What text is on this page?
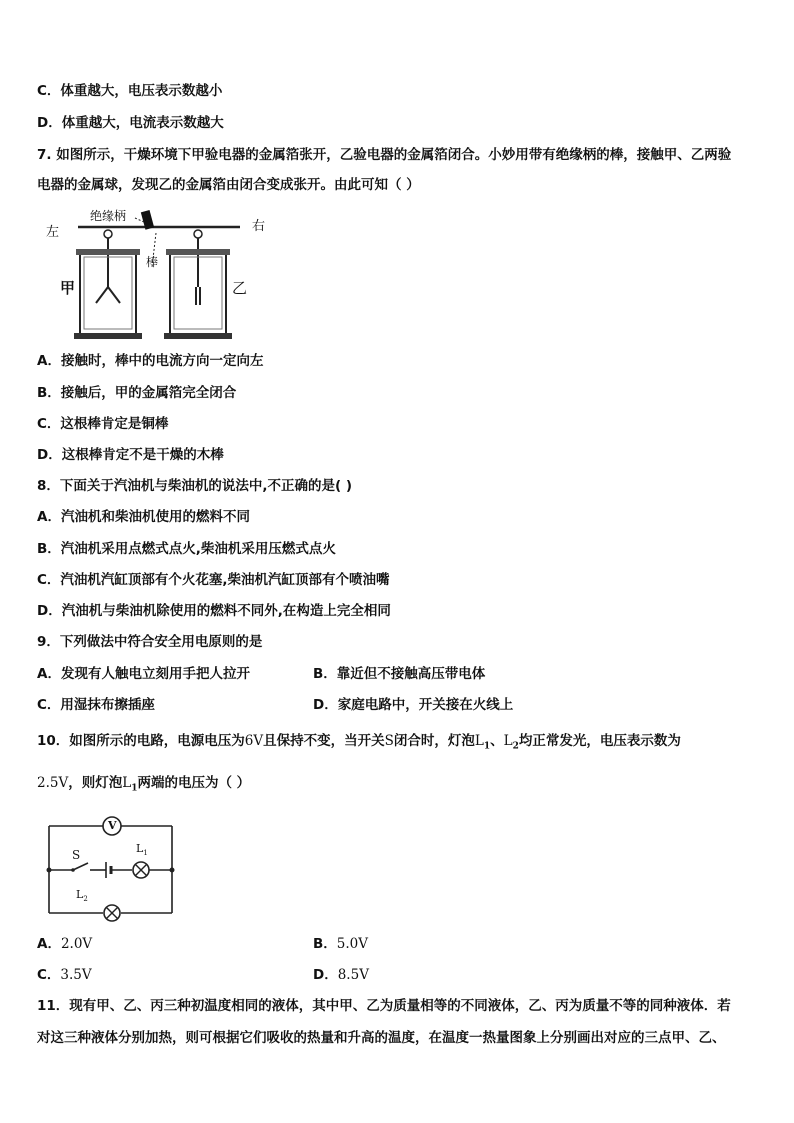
C．体重越大，电压表示数越小
D．体重越大，电流表示数越大
7. 如图所示，干燥环境下甲验电器的金属箔张开，乙验电器的金属箔闭合。小妙用带有绝缘柄的棒，接触甲、乙两验
电器的金属球，发现乙的金属箔由闭合变成张开。由此可知（ ）
左	右
绝缘柄
棒
甲	乙
A．接触时，棒中的电流方向一定向左
B．接触后，甲的金属箔完全闭合
C．这根棒肯定是铜棒
D．这根棒肯定不是干燥的木棒
8．下面关于汽油机与柴油机的说法中,不正确的是( )
A．汽油机和柴油机使用的燃料不同
B．汽油机采用点燃式点火,柴油机采用压燃式点火
C．汽油机汽缸顶部有个火花塞,柴油机汽缸顶部有个喷油嘴
D．汽油机与柴油机除使用的燃料不同外,在构造上完全相同
9．下列做法中符合安全用电原则的是
A．发现有人触电立刻用手把人拉开	B．靠近但不接触高压带电体
C．用湿抹布擦插座	D．家庭电路中，开关接在火线上
10．如图所示的电路，电源电压为6V且保持不变，当开关S闭合时，灯泡$L_1$、$L_2$均正常发光，电压表示数为
2.5V，则灯泡$L_1$两端的电压为（ ）
V
S	$L_1$
$L_2$
A．2.0V	B．5.0V
C．3.5V	D．8.5V
11．现有甲、乙、丙三种初温度相同的液体，其中甲、乙为质量相等的不同液体，乙、丙为质量不等的同种液体．若
对这三种液体分别加热，则可根据它们吸收的热量和升高的温度，在温度一热量图象上分别画出对应的三点甲、乙、
